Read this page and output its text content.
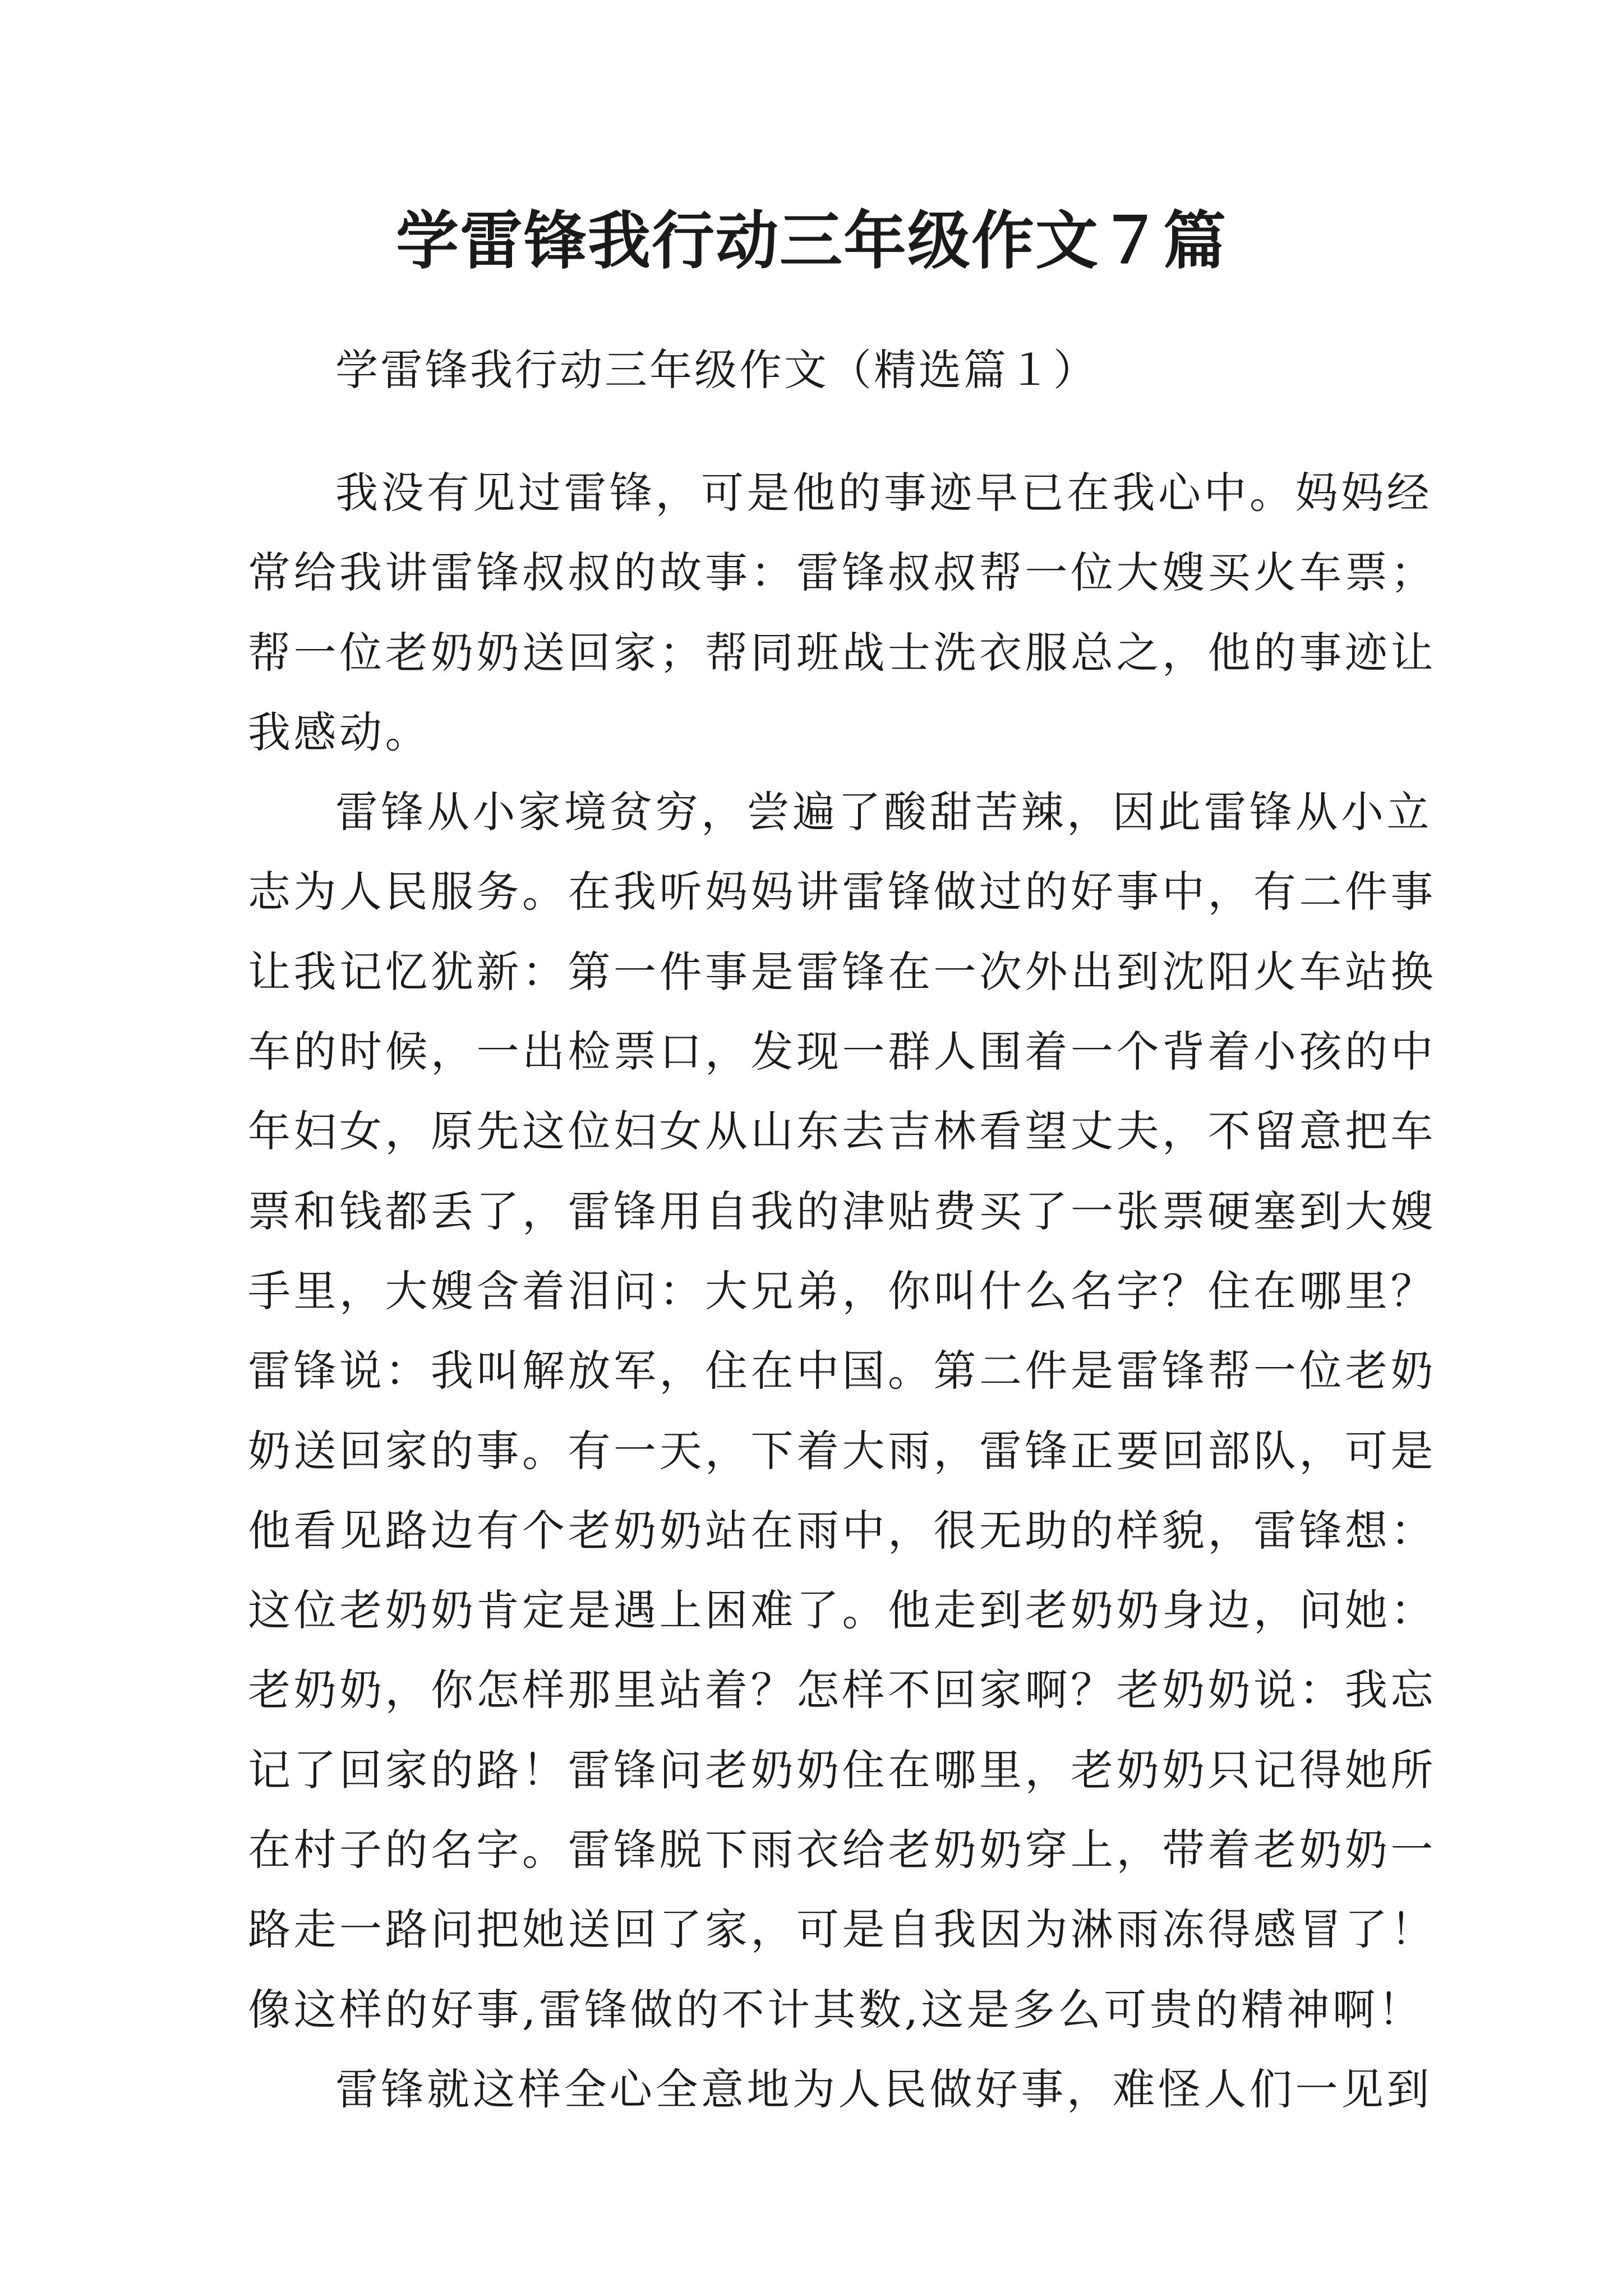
学雷锋我行动三年级作文７篇

学雷锋我行动三年级作文（精选篇１）

我没有见过雷锋，可是他的事迹早已在我心中。妈妈经
常给我讲雷锋叔叔的故事：雷锋叔叔帮一位大嫂买火车票；
帮一位老奶奶送回家；帮同班战士洗衣服总之，他的事迹让
我感动。
雷锋从小家境贫穷，尝遍了酸甜苦辣，因此雷锋从小立
志为人民服务。在我听妈妈讲雷锋做过的好事中，有二件事
让我记忆犹新：第一件事是雷锋在一次外出到沈阳火车站换
车的时候，一出检票口，发现一群人围着一个背着小孩的中
年妇女，原先这位妇女从山东去吉林看望丈夫，不留意把车
票和钱都丢了，雷锋用自我的津贴费买了一张票硬塞到大嫂
手里，大嫂含着泪问：大兄弟，你叫什么名字？住在哪里？
雷锋说：我叫解放军，住在中国。第二件是雷锋帮一位老奶
奶送回家的事。有一天，下着大雨，雷锋正要回部队，可是
他看见路边有个老奶奶站在雨中，很无助的样貌，雷锋想：
这位老奶奶肯定是遇上困难了。他走到老奶奶身边，问她：
老奶奶，你怎样那里站着？怎样不回家啊？老奶奶说：我忘
记了回家的路！雷锋问老奶奶住在哪里，老奶奶只记得她所
在村子的名字。雷锋脱下雨衣给老奶奶穿上，带着老奶奶一
路走一路问把她送回了家，可是自我因为淋雨冻得感冒了！
像这样的好事,雷锋做的不计其数,这是多么可贵的精神啊！
雷锋就这样全心全意地为人民做好事，难怪人们一见到
